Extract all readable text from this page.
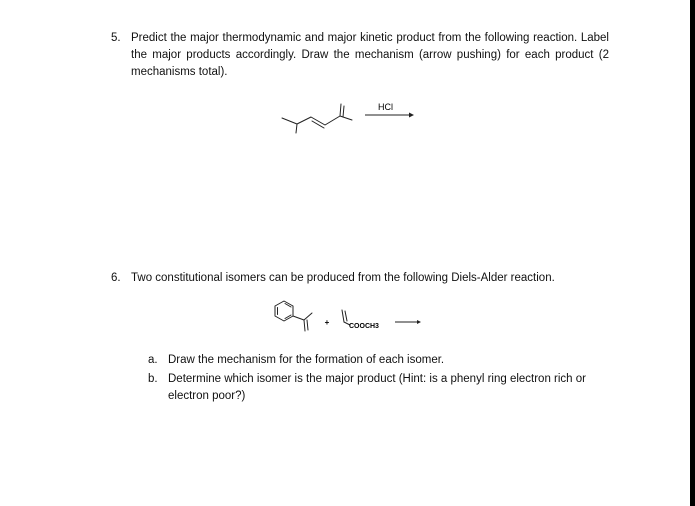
5. Predict the major thermodynamic and major kinetic product from the following reaction. Label the major products accordingly. Draw the mechanism (arrow pushing) for each product (2 mechanisms total).
6. Two constitutional isomers can be produced from the following Diels-Alder reaction.
a. Draw the mechanism for the formation of each isomer.
b. Determine which isomer is the major product (Hint: is a phenyl ring electron rich or electron poor?)
HCl
+	COOCH3
